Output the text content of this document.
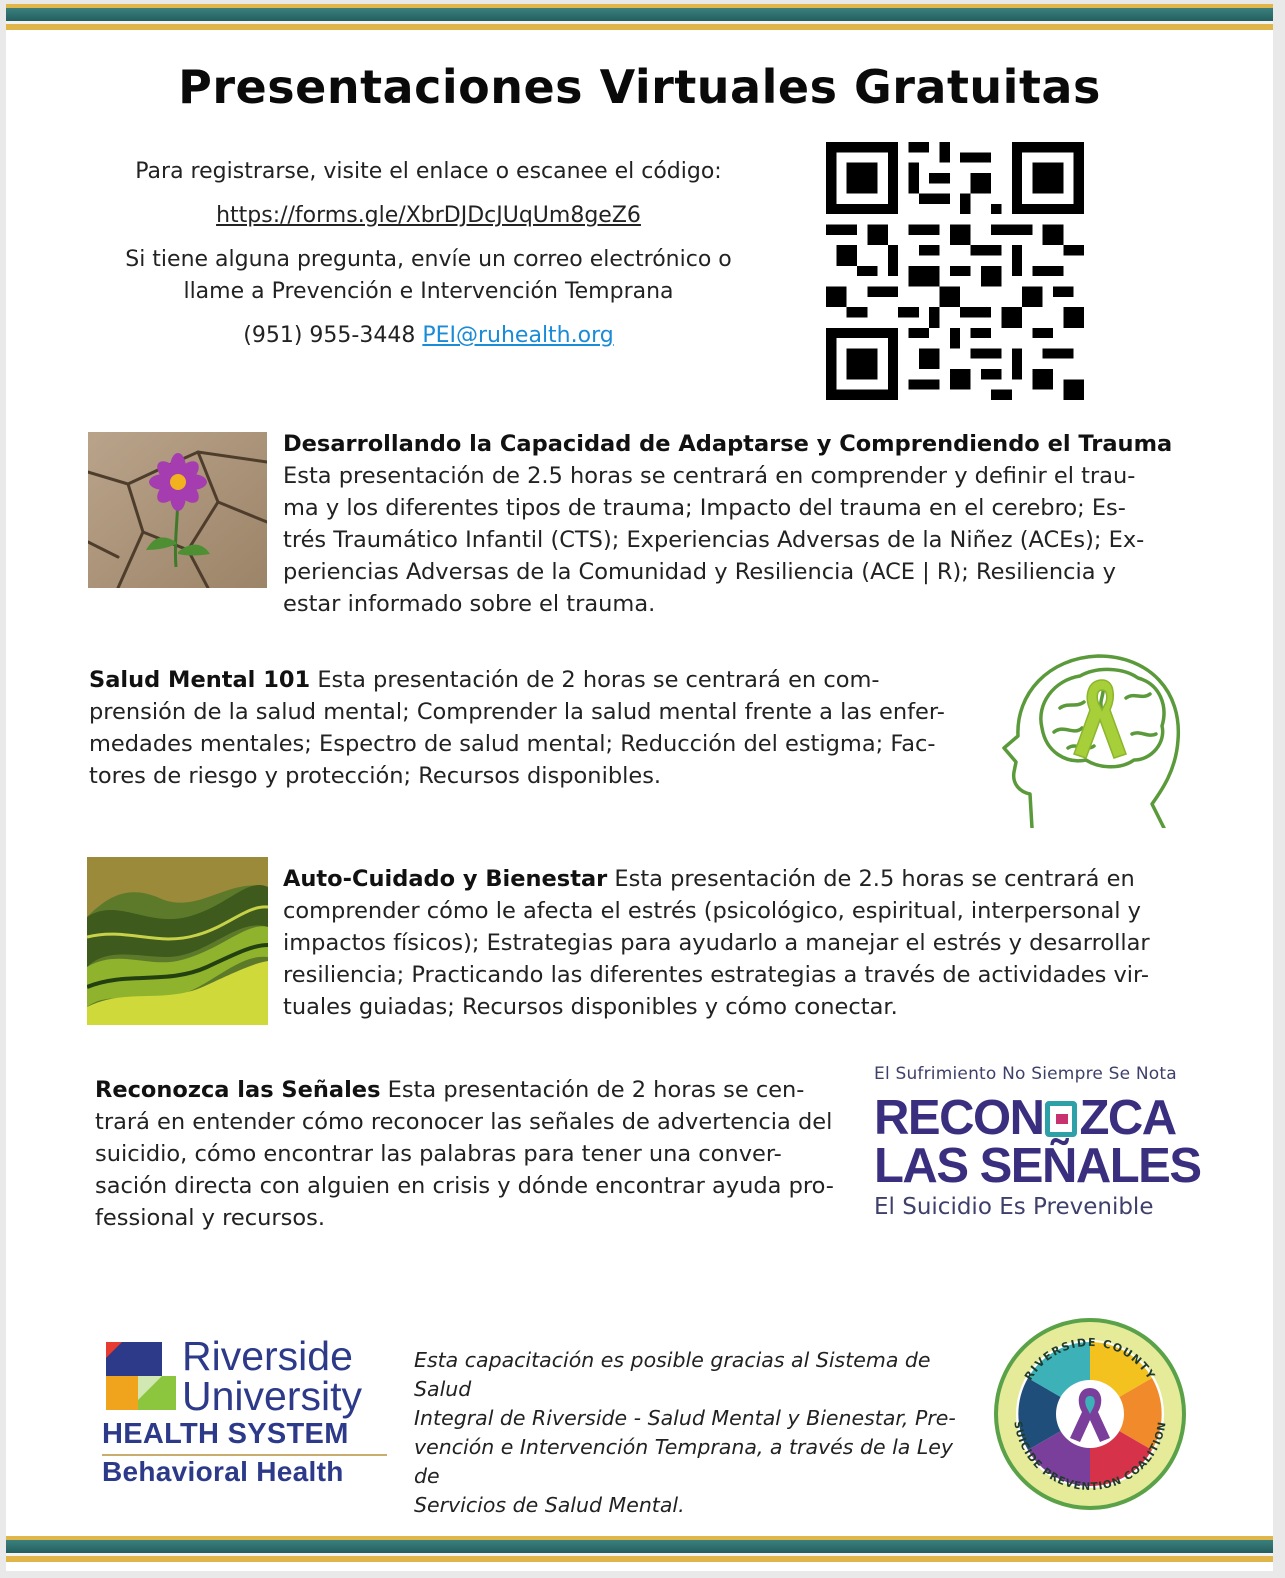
Presentaciones Virtuales Gratuitas

Para registrarse, visite el enlace o escanee el código:

https://forms.gle/XbrDJDcJUqUm8geZ6

Si tiene alguna pregunta, envíe un correo electrónico o
llame a Prevención e Intervención Temprana

(951) 955-3448 PEI@ruhealth.org

Desarrollando la Capacidad de Adaptarse y Comprendiendo el Trauma
Esta presentación de 2.5 horas se centrará en comprender y definir el trau-
ma y los diferentes tipos de trauma; Impacto del trauma en el cerebro; Es-
trés Traumático Infantil (CTS); Experiencias Adversas de la Niñez (ACEs); Ex-
periencias Adversas de la Comunidad y Resiliencia (ACE | R); Resiliencia y
estar informado sobre el trauma.
Salud Mental 101 Esta presentación de 2 horas se centrará en com-
prensión de la salud mental; Comprender la salud mental frente a las enfer-
medades mentales; Espectro de salud mental; Reducción del estigma; Fac-
tores de riesgo y protección; Recursos disponibles.
Auto-Cuidado y Bienestar Esta presentación de 2.5 horas se centrará en
comprender cómo le afecta el estrés (psicológico, espiritual, interpersonal y
impactos físicos); Estrategias para ayudarlo a manejar el estrés y desarrollar
resiliencia; Practicando las diferentes estrategias a través de actividades vir-
tuales guiadas; Recursos disponibles y cómo conectar.
Reconozca las Señales Esta presentación de 2 horas se cen-
trará en entender cómo reconocer las señales de advertencia del
suicidio, cómo encontrar las palabras para tener una conver-
sación directa con alguien en crisis y dónde encontrar ayuda pro-
fessional y recursos.
El Sufrimiento No Siempre Se Nota
RECON ZCA
LAS SEÑALES
El Suicidio Es Prevenible
Riverside
University
HEALTH SYSTEM
Behavioral Health
Esta capacitación es posible gracias al Sistema de Salud
Integral de Riverside - Salud Mental y Bienestar, Pre-
vención e Intervención Temprana, a través de la Ley de
Servicios de Salud Mental.
RIVERSIDE COUNTY
SUICIDE PREVENTION COALITION
